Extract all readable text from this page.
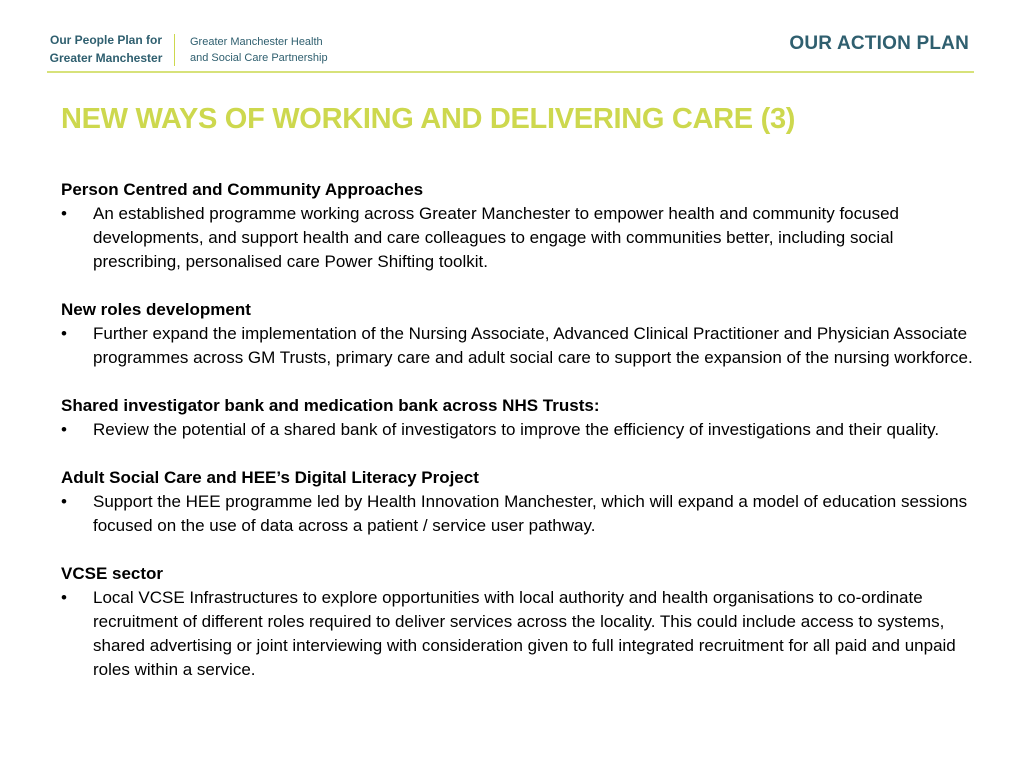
Our People Plan for
Greater Manchester
Greater Manchester Health
and Social Care Partnership
OUR ACTION PLAN
NEW WAYS OF WORKING AND DELIVERING CARE (3)

Person Centred and Community Approaches

•	An established programme working across Greater Manchester to empower health and community focused developments, and support health and care colleagues to engage with communities better, including social prescribing, personalised care Power Shifting toolkit.

New roles development

•	Further expand the implementation of the Nursing Associate, Advanced Clinical Practitioner and Physician Associate programmes across GM Trusts, primary care and adult social care to support the expansion of the nursing workforce.

Shared investigator bank and medication bank across NHS Trusts:

•	Review the potential of a shared bank of investigators to improve the efficiency of investigations and their quality.

Adult Social Care and HEE’s Digital Literacy Project

•	Support the HEE programme led by Health Innovation Manchester, which will expand a model of education sessions focused on the use of data across a patient / service user pathway.

VCSE sector

•	Local VCSE Infrastructures to explore opportunities with local authority and health organisations to co-ordinate recruitment of different roles required to deliver services across the locality. This could include access to systems, shared advertising or joint interviewing with consideration given to full integrated recruitment for all paid and unpaid roles within a service.
